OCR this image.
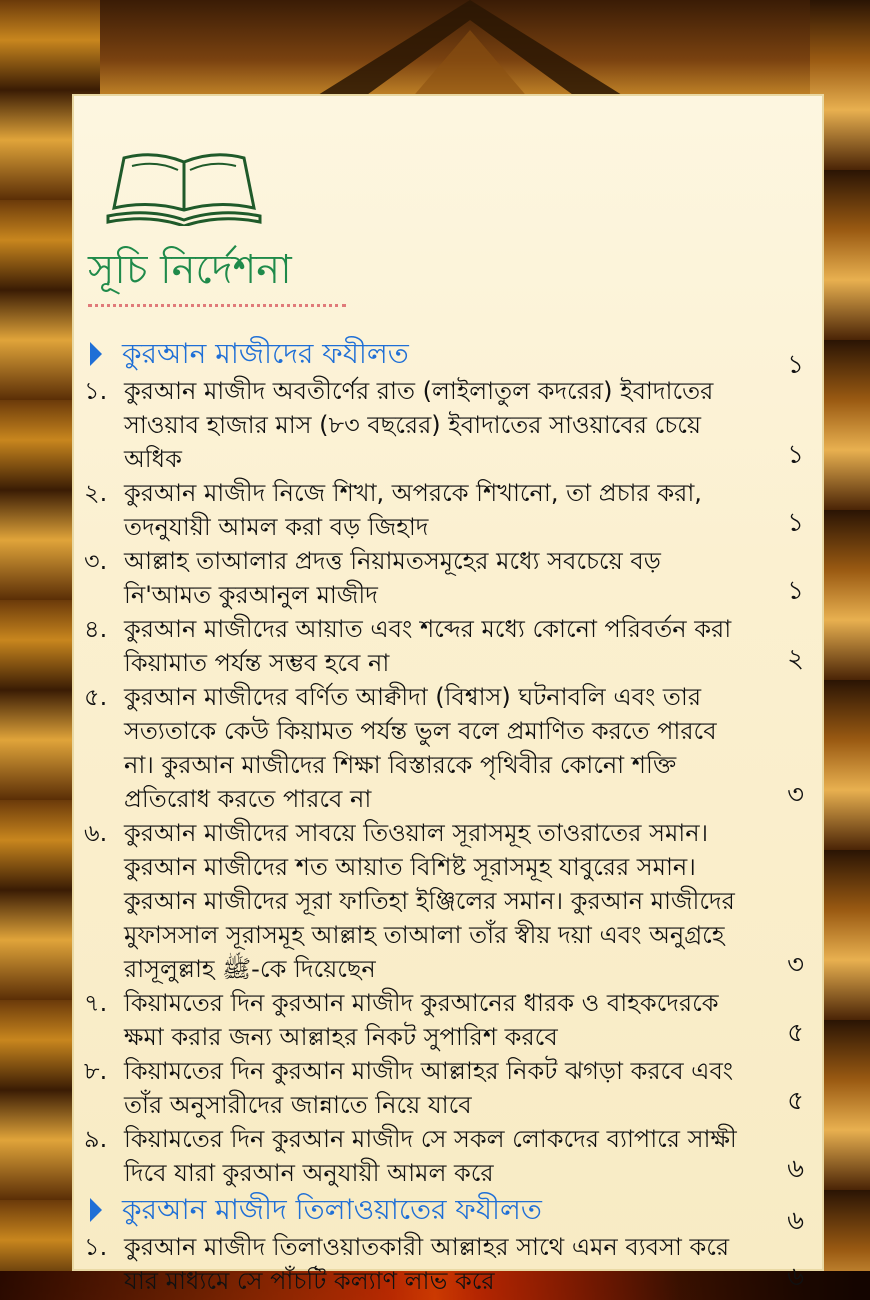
সূচি নির্দেশনা
কুরআন মাজীদের ফযীলত	১
১. কুরআন মাজীদ অবতীর্ণের রাত (লাইলাতুল কদরের) ইবাদাতের সাওয়াব হাজার মাস (৮৩ বছরের) ইবাদাতের সাওয়াবের চেয়ে অধিক	১
২. কুরআন মাজীদ নিজে শিখা, অপরকে শিখানো, তা প্রচার করা, তদনুযায়ী আমল করা বড় জিহাদ	১
৩. আল্লাহ তাআলার প্রদত্ত নিয়ামতসমূহের মধ্যে সবচেয়ে বড় নি'আমত কুরআনুল মাজীদ	১
৪. কুরআন মাজীদের আয়াত এবং শব্দের মধ্যে কোনো পরিবর্তন করা কিয়ামাত পর্যন্ত সম্ভব হবে না	২
৫. কুরআন মাজীদের বর্ণিত আক্বীদা (বিশ্বাস) ঘটনাবলি এবং তার সত্যতাকে কেউ কিয়ামত পর্যন্ত ভুল বলে প্রমাণিত করতে পারবে না। কুরআন মাজীদের শিক্ষা বিস্তারকে পৃথিবীর কোনো শক্তি প্রতিরোধ করতে পারবে না	৩
৬. কুরআন মাজীদের সাবয়ে তিওয়াল সূরাসমূহ তাওরাতের সমান। কুরআন মাজীদের শত আয়াত বিশিষ্ট সূরাসমূহ যাবুরের সমান। কুরআন মাজীদের সূরা ফাতিহা ইঞ্জিলের সমান। কুরআন মাজীদের মুফাসসাল সূরাসমূহ আল্লাহ তাআলা তাঁর স্বীয় দয়া এবং অনুগ্রহে রাসূলুল্লাহ ﷺ-কে দিয়েছেন	৩
৭. কিয়ামতের দিন কুরআন মাজীদ কুরআনের ধারক ও বাহকদেরকে ক্ষমা করার জন্য আল্লাহর নিকট সুপারিশ করবে	৫
৮. কিয়ামতের দিন কুরআন মাজীদ আল্লাহর নিকট ঝগড়া করবে এবং তাঁর অনুসারীদের জান্নাতে নিয়ে যাবে	৫
৯. কিয়ামতের দিন কুরআন মাজীদ সে সকল লোকদের ব্যাপারে সাক্ষী দিবে যারা কুরআন অনুযায়ী আমল করে	৬
কুরআন মাজীদ তিলাওয়াতের ফযীলত	৬
১. কুরআন মাজীদ তিলাওয়াতকারী আল্লাহর সাথে এমন ব্যবসা করে যার মাধ্যমে সে পাঁচটি কল্যাণ লাভ করে	৬
